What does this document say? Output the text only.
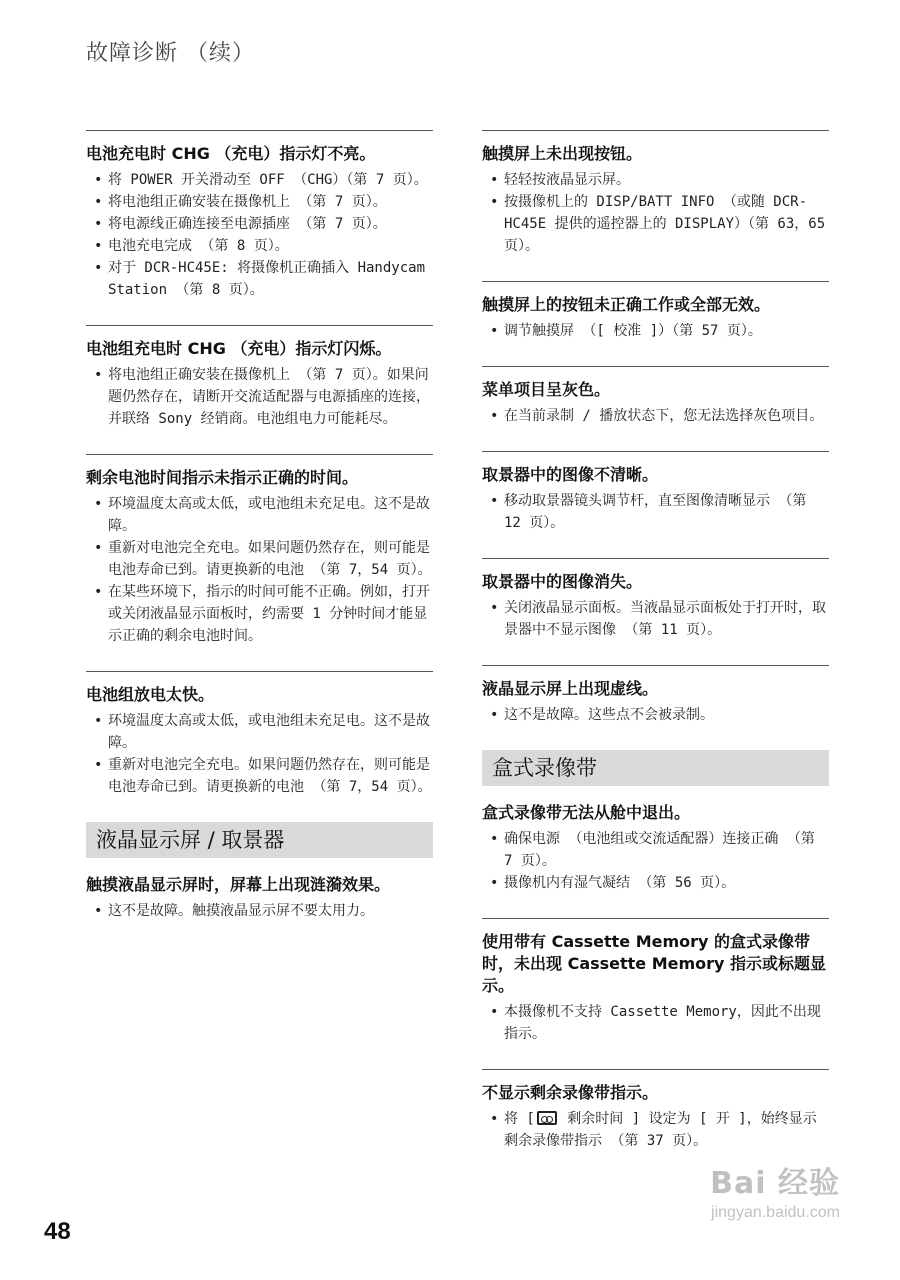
故障诊断 （续）
电池充电时 CHG （充电）指示灯不亮。
• 将 POWER 开关滑动至 OFF （CHG）（第 7 页）。
• 将电池组正确安装在摄像机上 （第 7 页）。
• 将电源线正确连接至电源插座 （第 7 页）。
• 电池充电完成 （第 8 页）。
• 对于 DCR-HC45E: 将摄像机正确插入 Handycam Station （第 8 页）。
电池组充电时 CHG （充电）指示灯闪烁。
• 将电池组正确安装在摄像机上 （第 7 页）。如果问题仍然存在，请断开交流适配器与电源插座的连接，并联络 Sony 经销商。电池组电力可能耗尽。
剩余电池时间指示未指示正确的时间。
• 环境温度太高或太低，或电池组未充足电。这不是故障。
• 重新对电池完全充电。如果问题仍然存在，则可能是电池寿命已到。请更换新的电池 （第 7，54 页）。
• 在某些环境下，指示的时间可能不正确。例如，打开或关闭液晶显示面板时，约需要 1 分钟时间才能显示正确的剩余电池时间。
电池组放电太快。
• 环境温度太高或太低，或电池组未充足电。这不是故障。
• 重新对电池完全充电。如果问题仍然存在，则可能是电池寿命已到。请更换新的电池 （第 7，54 页）。
液晶显示屏 / 取景器
触摸液晶显示屏时，屏幕上出现涟漪效果。
• 这不是故障。触摸液晶显示屏不要太用力。
触摸屏上未出现按钮。
• 轻轻按液晶显示屏。
• 按摄像机上的 DISP/BATT INFO （或随 DCR-HC45E 提供的遥控器上的 DISPLAY）（第 63，65 页）。
触摸屏上的按钮未正确工作或全部无效。
• 调节触摸屏 （[ 校准 ]）（第 57 页）。
菜单项目呈灰色。
• 在当前录制 / 播放状态下，您无法选择灰色项目。
取景器中的图像不清晰。
• 移动取景器镜头调节杆，直至图像清晰显示 （第 12 页）。
取景器中的图像消失。
• 关闭液晶显示面板。当液晶显示面板处于打开时，取景器中不显示图像 （第 11 页）。
液晶显示屏上出现虚线。
• 这不是故障。这些点不会被录制。
盒式录像带
盒式录像带无法从舱中退出。
• 确保电源 （电池组或交流适配器）连接正确 （第 7 页）。
• 摄像机内有湿气凝结 （第 56 页）。
使用带有 Cassette Memory 的盒式录像带时，未出现 Cassette Memory 指示或标题显示。
• 本摄像机不支持 Cassette Memory，因此不出现指示。
不显示剩余录像带指示。
• 将 [ 剩余时间 ] 设定为 [ 开 ]，始终显示剩余录像带指示 （第 37 页）。
48
Bai 经验
jingyan.baidu.com
